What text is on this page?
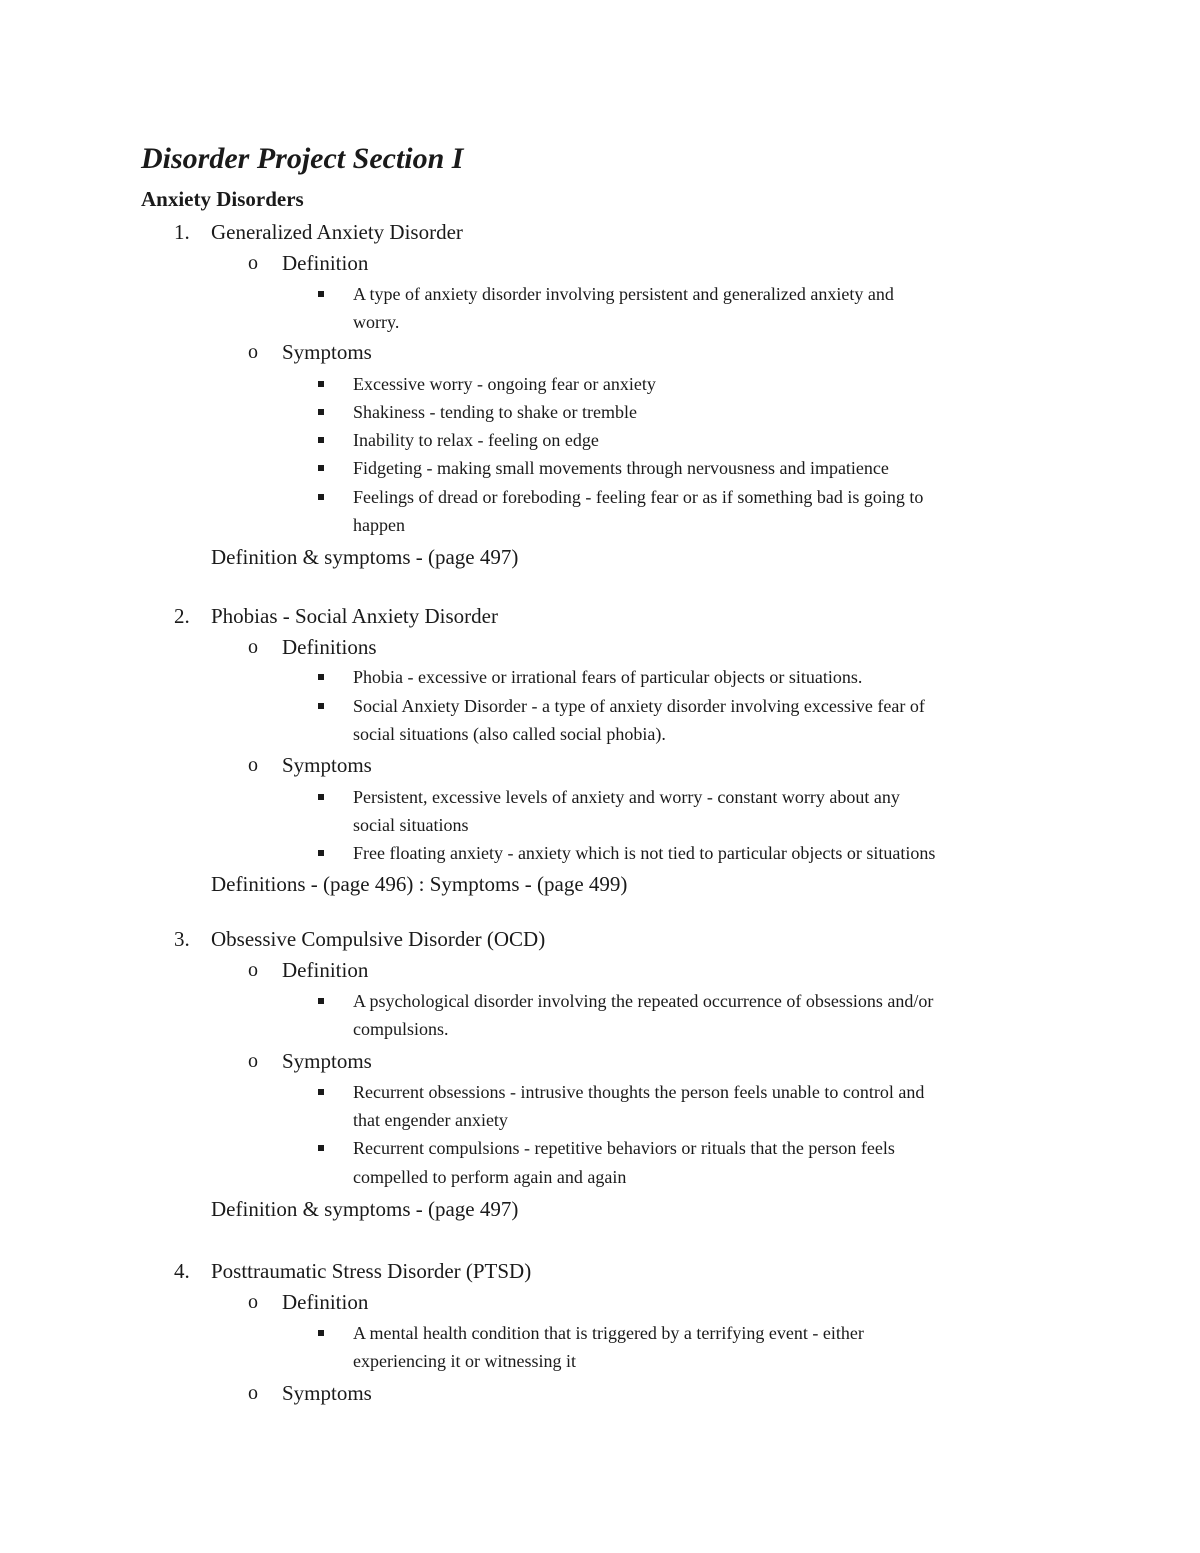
Disorder Project Section I
Anxiety Disorders
1. Generalized Anxiety Disorder
o Definition
A type of anxiety disorder involving persistent and generalized anxiety and
worry.
o Symptoms
Excessive worry - ongoing fear or anxiety
Shakiness - tending to shake or tremble
Inability to relax - feeling on edge
Fidgeting - making small movements through nervousness and impatience
Feelings of dread or foreboding - feeling fear or as if something bad is going to
happen
Definition & symptoms - (page 497)
2. Phobias - Social Anxiety Disorder
o Definitions
Phobia - excessive or irrational fears of particular objects or situations.
Social Anxiety Disorder - a type of anxiety disorder involving excessive fear of
social situations (also called social phobia).
o Symptoms
Persistent, excessive levels of anxiety and worry - constant worry about any
social situations
Free floating anxiety - anxiety which is not tied to particular objects or situations
Definitions - (page 496) : Symptoms - (page 499)
3. Obsessive Compulsive Disorder (OCD)
o Definition
A psychological disorder involving the repeated occurrence of obsessions and/or
compulsions.
o Symptoms
Recurrent obsessions - intrusive thoughts the person feels unable to control and
that engender anxiety
Recurrent compulsions - repetitive behaviors or rituals that the person feels
compelled to perform again and again
Definition & symptoms - (page 497)
4. Posttraumatic Stress Disorder (PTSD)
o Definition
A mental health condition that is triggered by a terrifying event - either
experiencing it or witnessing it
o Symptoms
